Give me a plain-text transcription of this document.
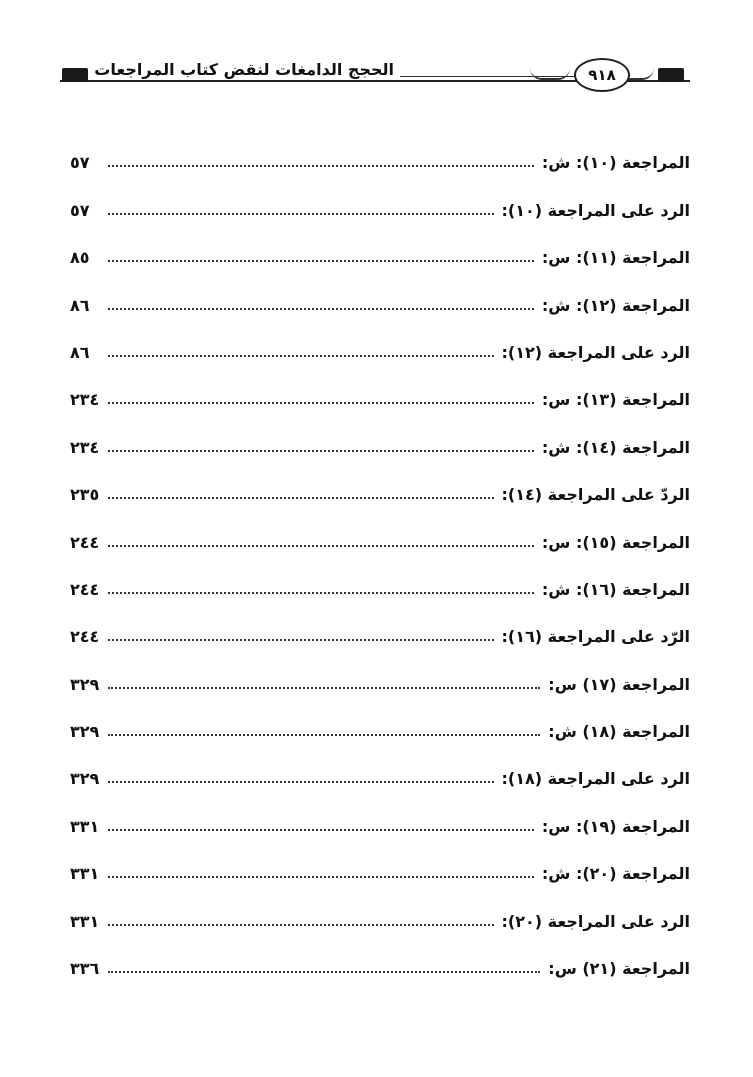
٩١٨
الحجج الدامغات لنقض كتاب المراجعات
المراجعة (١٠): ش:
٥٧
الرد على المراجعة (١٠):
٥٧
المراجعة (١١): س:
٨٥
المراجعة (١٢): ش:
٨٦
الرد على المراجعة (١٢):
٨٦
المراجعة (١٣): س:
٢٣٤
المراجعة (١٤): ش:
٢٣٤
الردّ على المراجعة (١٤):
٢٣٥
المراجعة (١٥): س:
٢٤٤
المراجعة (١٦): ش:
٢٤٤
الرّد على المراجعة (١٦):
٢٤٤
المراجعة (١٧) س:
٣٢٩
المراجعة (١٨) ش:
٣٢٩
الرد على المراجعة (١٨):
٣٢٩
المراجعة (١٩): س:
٣٣١
المراجعة (٢٠): ش:
٣٣١
الرد على المراجعة (٢٠):
٣٣١
المراجعة (٢١) س:
٣٣٦
